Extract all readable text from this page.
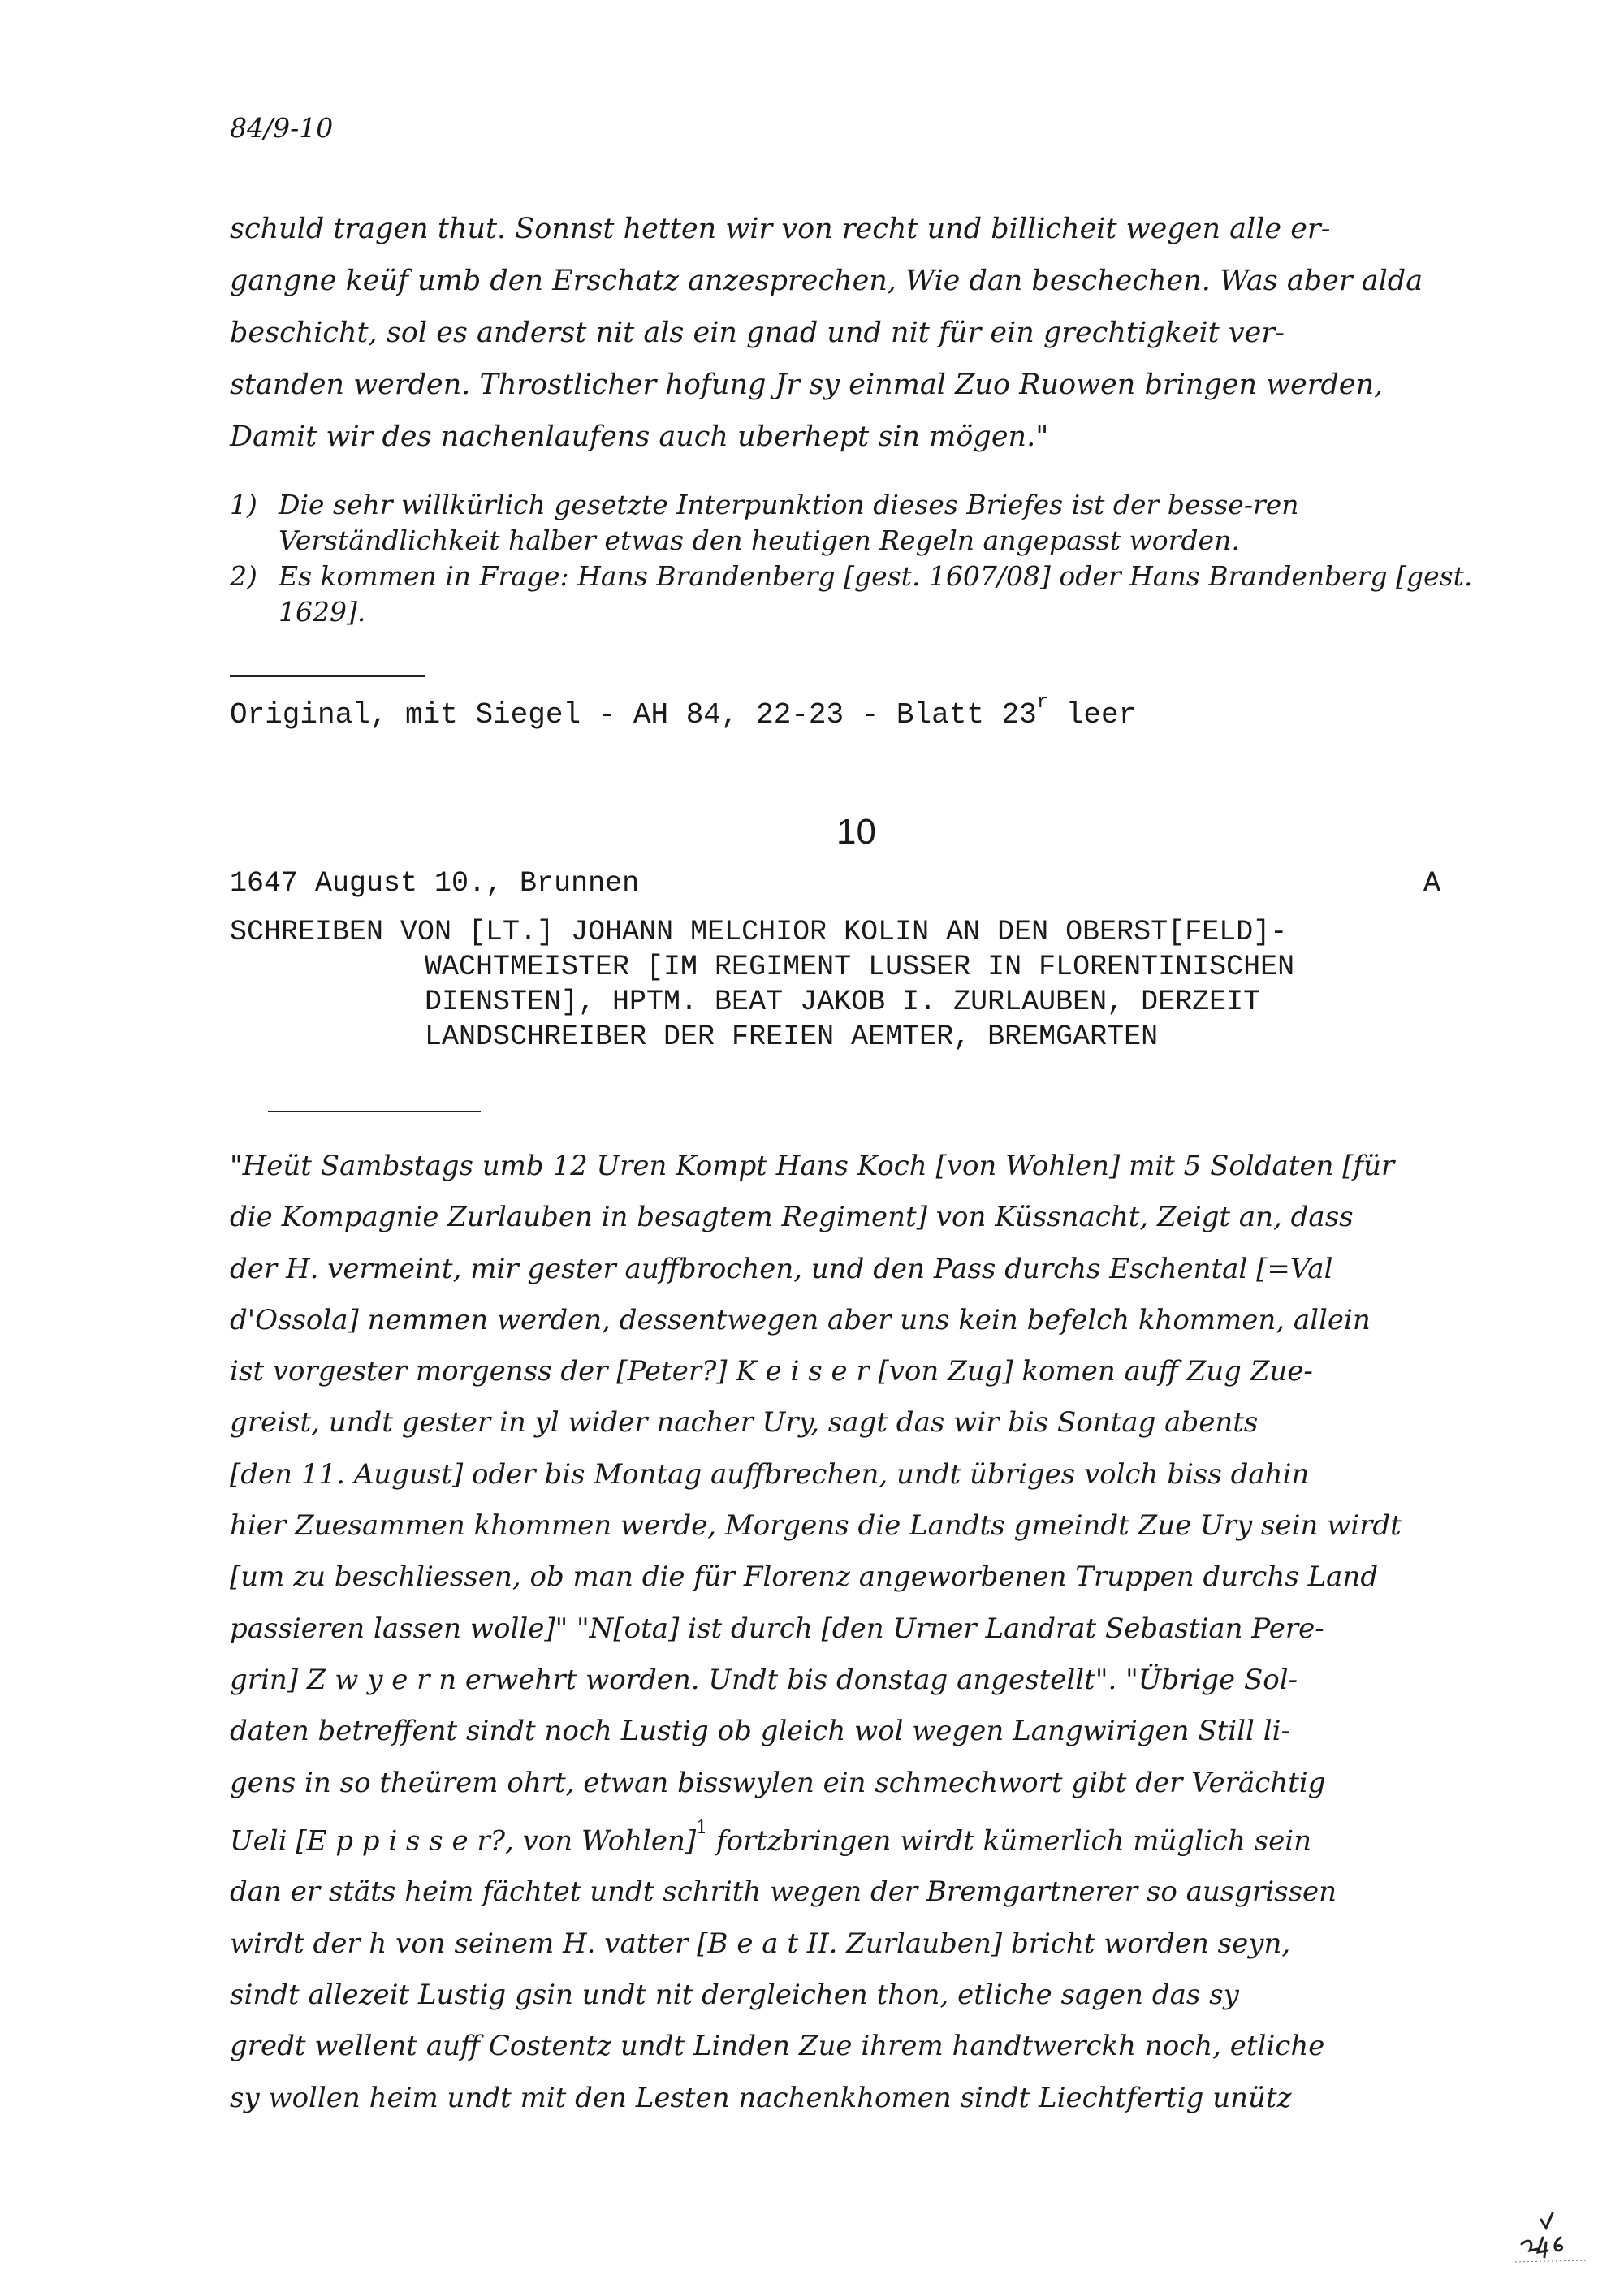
84/9-10
schuld tragen thut. Sonnst hetten wir von recht und billicheit wegen alle er-
gangne keüf umb den Erschatz anzesprechen, Wie dan beschechen. Was aber alda
beschicht, sol es anderst nit als ein gnad und nit für ein grechtigkeit ver-
standen werden. Throstlicher hofung Jr sy einmal Zuo Ruowen bringen werden,
Damit wir des nachenlaufens auch uberhept sin mögen."
1) Die sehr willkürlich gesetzte Interpunktion dieses Briefes ist der besse-ren Verständlichkeit halber etwas den heutigen Regeln angepasst worden.
2) Es kommen in Frage: Hans Brandenberg [gest. 1607/08] oder Hans Brandenberg [gest. 1629].
Original, mit Siegel - AH 84, 22-23 - Blatt 23$^r$ leer
10
1647 August 10., Brunnen	A
SCHREIBEN VON [LT.] JOHANN MELCHIOR KOLIN AN DEN OBERST[FELD]-
WACHTMEISTER [IM REGIMENT LUSSER IN FLORENTINISCHEN
DIENSTEN], HPTM. BEAT JAKOB I. ZURLAUBEN, DERZEIT
LANDSCHREIBER DER FREIEN AEMTER, BREMGARTEN
"Heüt Sambstags umb 12 Uren Kompt Hans Koch [von Wohlen] mit 5 Soldaten [für
die Kompagnie Zurlauben in besagtem Regiment] von Küssnacht, Zeigt an, dass
der H. vermeint, mir gester auffbrochen, und den Pass durchs Eschental [=Val
d'Ossola] nemmen werden, dessentwegen aber uns kein befelch khommen, allein
ist vorgester morgenss der [Peter?] K e i s e r [von Zug] komen auff Zug Zue-
greist, undt gester in yl wider nacher Ury, sagt das wir bis Sontag abents
[den 11. August] oder bis Montag auffbrechen, undt übriges volch biss dahin
hier Zuesammen khommen werde, Morgens die Landts gmeindt Zue Ury sein wirdt
[um zu beschliessen, ob man die für Florenz angeworbenen Truppen durchs Land
passieren lassen wolle]" "N[ota] ist durch [den Urner Landrat Sebastian Pere-
grin] Z w y e r n erwehrt worden. Undt bis donstag angestellt". "Übrige Sol-
daten betreffent sindt noch Lustig ob gleich wol wegen Langwirigen Still li-
gens in so theürem ohrt, etwan bisswylen ein schmechwort gibt der Verächtig
Ueli [E p p i s s e r?, von Wohlen]$^1$ fortzbringen wirdt kümerlich müglich sein
dan er stäts heim fächtet undt schrith wegen der Bremgartnerer so ausgrissen
wirdt der h von seinem H. vatter [B e a t II. Zurlauben] bricht worden seyn,
sindt allezeit Lustig gsin undt nit dergleichen thon, etliche sagen das sy
gredt wellent auff Costentz undt Linden Zue ihrem handtwerckh noch, etliche
sy wollen heim undt mit den Lesten nachenkhomen sindt Liechtfertig unütz
